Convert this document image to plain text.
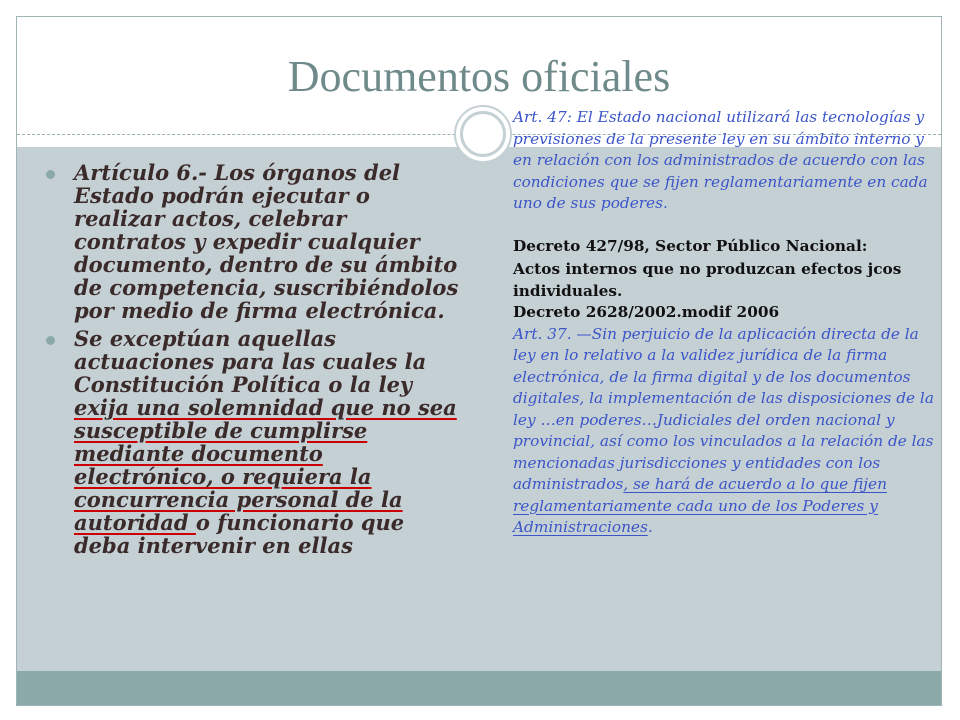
Documentos oficiales
Artículo 6.- Los órganos del Estado podrán ejecutar o realizar actos, celebrar contratos y expedir cualquier documento, dentro de su ámbito de competencia, suscribiéndolos por medio de firma electrónica.
Se exceptúan aquellas actuaciones para las cuales la Constitución Política o la ley exija una solemnidad que no sea susceptible de cumplirse mediante documento electrónico, o requiera la concurrencia personal de la autoridad o funcionario que deba intervenir en ellas
Art. 47: El Estado nacional utilizará las tecnologías y previsiones de la presente ley en su ámbito interno y en relación con los administrados de acuerdo con las condiciones que se fijen reglamentariamente en cada uno de sus poderes.
Decreto 427/98, Sector Público Nacional:
Actos internos que no produzcan efectos jcos individuales.
Decreto 2628/2002.modif 2006
Art. 37. —Sin perjuicio de la aplicación directa de la ley en lo relativo a la validez jurídica de la firma electrónica, de la firma digital y de los documentos digitales, la implementación de las disposiciones de la ley …en poderes…Judiciales del orden nacional y provincial, así como los vinculados a la relación de las mencionadas jurisdicciones y entidades con los administrados, se hará de acuerdo a lo que fijen reglamentariamente cada uno de los Poderes y Administraciones.
